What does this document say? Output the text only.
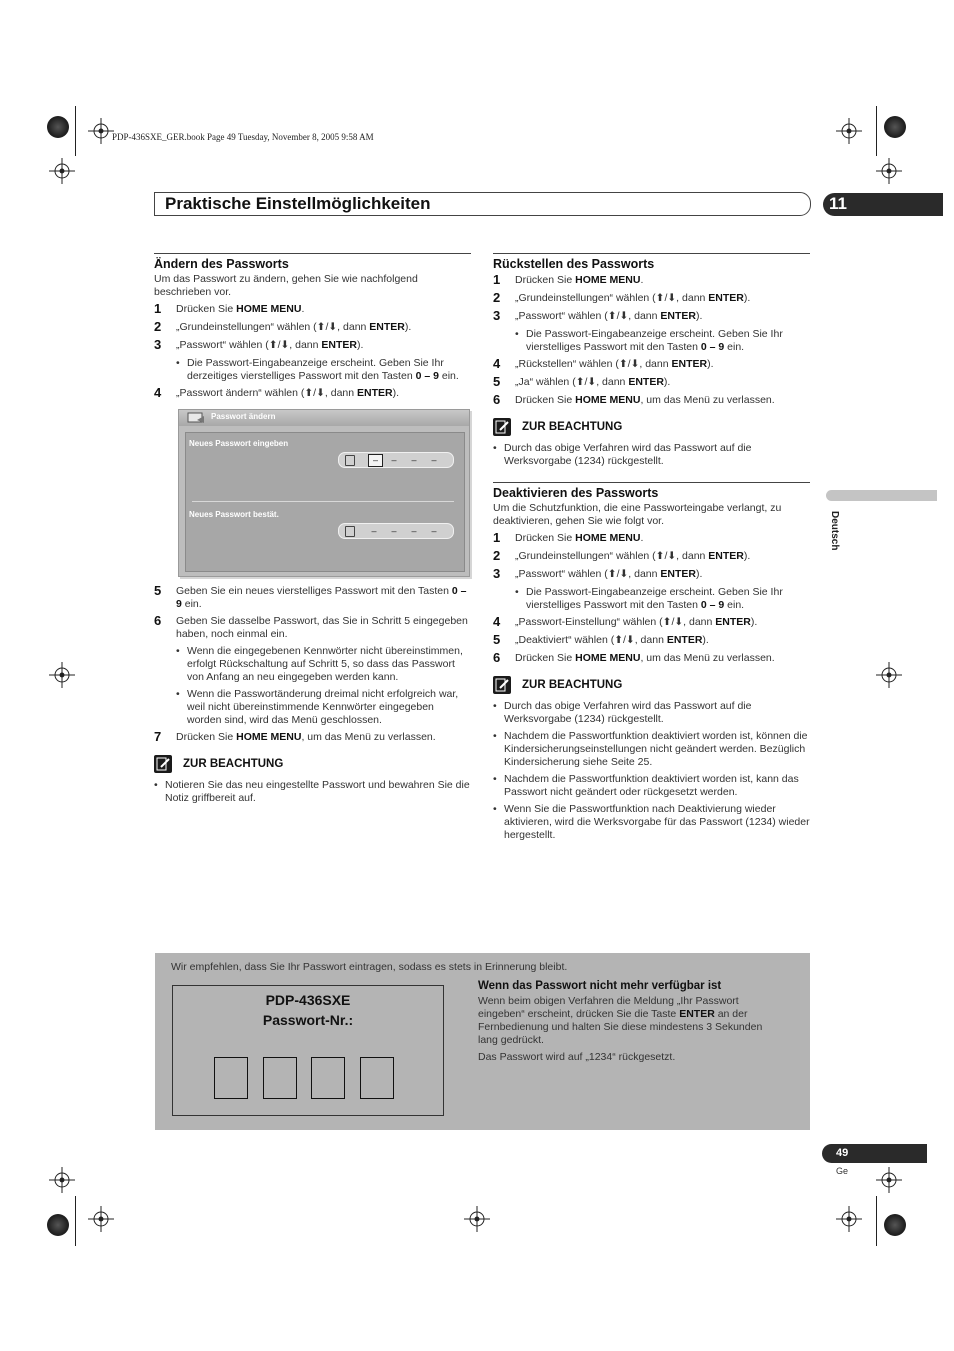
PDP-436SXE_GER.book Page 49 Tuesday, November 8, 2005 9:58 AM
Praktische Einstellmöglichkeiten	11
Deutsch
Ändern des Passworts

Um das Passwort zu ändern, gehen Sie wie nachfolgend beschrieben vor.

1 Drücken Sie HOME MENU.
2 „Grundeinstellungen“ wählen (⬆/⬇, dann ENTER).
3 „Passwort“ wählen (⬆/⬇, dann ENTER).
• Die Passwort-Eingabeanzeige erscheint. Geben Sie Ihr derzeitiges vierstelliges Passwort mit den Tasten 0 – 9 ein.
4 „Passwort ändern“ wählen (⬆/⬇, dann ENTER).
Passwort ändern
Neues Passwort eingeben
–	– – –
Neues Passwort bestät.
– – – –
5 Geben Sie ein neues vierstelliges Passwort mit den Tasten 0 – 9 ein.
6 Geben Sie dasselbe Passwort, das Sie in Schritt 5 eingegeben haben, noch einmal ein.
• Wenn die eingegebenen Kennwörter nicht übereinstimmen, erfolgt Rückschaltung auf Schritt 5, so dass das Passwort von Anfang an neu eingegeben werden kann.
• Wenn die Passwortänderung dreimal nicht erfolgreich war, weil nicht übereinstimmende Kennwörter eingegeben worden sind, wird das Menü geschlossen.
7 Drücken Sie HOME MENU, um das Menü zu verlassen.
ZUR BEACHTUNG
• Notieren Sie das neu eingestellte Passwort und bewahren Sie die Notiz griffbereit auf.
Rückstellen des Passworts
1 Drücken Sie HOME MENU.
2 „Grundeinstellungen“ wählen (⬆/⬇, dann ENTER).
3 „Passwort“ wählen (⬆/⬇, dann ENTER).
• Die Passwort-Eingabeanzeige erscheint. Geben Sie Ihr vierstelliges Passwort mit den Tasten 0 – 9 ein.
4 „Rückstellen“ wählen (⬆/⬇, dann ENTER).
5 „Ja“ wählen (⬆/⬇, dann ENTER).
6 Drücken Sie HOME MENU, um das Menü zu verlassen.
ZUR BEACHTUNG
• Durch das obige Verfahren wird das Passwort auf die Werksvorgabe (1234) rückgestellt.
Deaktivieren des Passworts

Um die Schutzfunktion, die eine Passworteingabe verlangt, zu deaktivieren, gehen Sie wie folgt vor.

1 Drücken Sie HOME MENU.
2 „Grundeinstellungen“ wählen (⬆/⬇, dann ENTER).
3 „Passwort“ wählen (⬆/⬇, dann ENTER).
• Die Passwort-Eingabeanzeige erscheint. Geben Sie Ihr vierstelliges Passwort mit den Tasten 0 – 9 ein.
4 „Passwort-Einstellung“ wählen (⬆/⬇, dann ENTER).
5 „Deaktiviert“ wählen (⬆/⬇, dann ENTER).
6 Drücken Sie HOME MENU, um das Menü zu verlassen.
ZUR BEACHTUNG
• Durch das obige Verfahren wird das Passwort auf die Werksvorgabe (1234) rückgestellt.
• Nachdem die Passwortfunktion deaktiviert worden ist, können die Kindersicherungseinstellungen nicht geändert werden. Bezüglich Kindersicherung siehe Seite 25.
• Nachdem die Passwortfunktion deaktiviert worden ist, kann das Passwort nicht geändert oder rückgesetzt werden.
• Wenn Sie die Passwortfunktion nach Deaktivierung wieder aktivieren, wird die Werksvorgabe für das Passwort (1234) wieder hergestellt.
Wir empfehlen, dass Sie Ihr Passwort eintragen, sodass es stets in Erinnerung bleibt.
PDP-436SXE
Passwort-Nr.:
Wenn das Passwort nicht mehr verfügbar ist

Wenn beim obigen Verfahren die Meldung „Ihr Passwort eingeben“ erscheint, drücken Sie die Taste ENTER an der Fernbedienung und halten Sie diese mindestens 3 Sekunden lang gedrückt.

Das Passwort wird auf „1234“ rückgesetzt.

49
Ge
